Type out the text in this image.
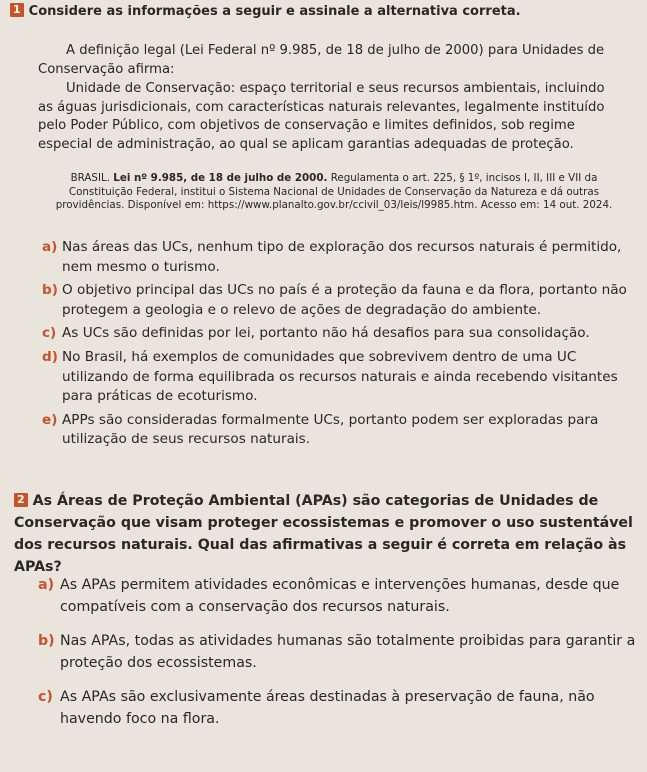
1 Considere as informações a seguir e assinale a alternativa correta.

A definição legal (Lei Federal nº 9.985, de 18 de julho de 2000) para Unidades de Conservação afirma:

Unidade de Conservação: espaço territorial e seus recursos ambientais, incluindo as águas jurisdicionais, com características naturais relevantes, legalmente instituído pelo Poder Público, com objetivos de conservação e limites definidos, sob regime especial de administração, ao qual se aplicam garantias adequadas de proteção.

BRASIL. Lei nº 9.985, de 18 de julho de 2000. Regulamenta o art. 225, § 1º, incisos I, II, III e VII da Constituição Federal, institui o Sistema Nacional de Unidades de Conservação da Natureza e dá outras providências. Disponível em: https://www.planalto.gov.br/ccivil_03/leis/l9985.htm. Acesso em: 14 out. 2024.
a) Nas áreas das UCs, nenhum tipo de exploração dos recursos naturais é permitido, nem mesmo o turismo.
b) O objetivo principal das UCs no país é a proteção da fauna e da flora, portanto não protegem a geologia e o relevo de ações de degradação do ambiente.
c) As UCs são definidas por lei, portanto não há desafios para sua consolidação.
d) No Brasil, há exemplos de comunidades que sobrevivem dentro de uma UC utilizando de forma equilibrada os recursos naturais e ainda recebendo visitantes para práticas de ecoturismo.
e) APPs são consideradas formalmente UCs, portanto podem ser exploradas para utilização de seus recursos naturais.
2 As Áreas de Proteção Ambiental (APAs) são categorias de Unidades de Conservação que visam proteger ecossistemas e promover o uso sustentável dos recursos naturais. Qual das afirmativas a seguir é correta em relação às APAs?
a) As APAs permitem atividades econômicas e intervenções humanas, desde que compatíveis com a conservação dos recursos naturais.
b) Nas APAs, todas as atividades humanas são totalmente proibidas para garantir a proteção dos ecossistemas.
c) As APAs são exclusivamente áreas destinadas à preservação de fauna, não havendo foco na flora.
